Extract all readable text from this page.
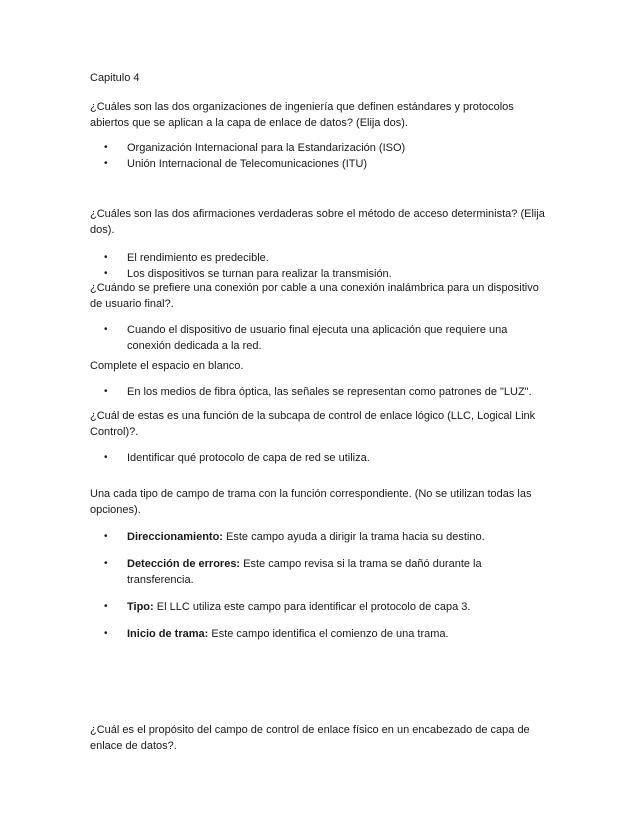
Capitulo 4

¿Cuáles son las dos organizaciones de ingeniería que definen estándares y protocolos abiertos que se aplican a la capa de enlace de datos? (Elija dos).

• Organización Internacional para la Estandarización (ISO)
• Unión Internacional de Telecomunicaciones (ITU)

¿Cuáles son las dos afirmaciones verdaderas sobre el método de acceso determinista? (Elija dos).

• El rendimiento es predecible.
• Los dispositivos se turnan para realizar la transmisión.

¿Cuándo se prefiere una conexión por cable a una conexión inalámbrica para un dispositivo de usuario final?.

• Cuando el dispositivo de usuario final ejecuta una aplicación que requiere una conexión dedicada a la red.

Complete el espacio en blanco.

• En los medios de fibra óptica, las señales se representan como patrones de "LUZ".

¿Cuál de estas es una función de la subcapa de control de enlace lógico (LLC, Logical Link Control)?.

• Identificar qué protocolo de capa de red se utiliza.

Una cada tipo de campo de trama con la función correspondiente. (No se utilizan todas las opciones).

• Direccionamiento: Este campo ayuda a dirigir la trama hacia su destino.
• Detección de errores: Este campo revisa si la trama se dañó durante la transferencia.
• Tipo: El LLC utiliza este campo para identificar el protocolo de capa 3.
• Inicio de trama: Este campo identifica el comienzo de una trama.

¿Cuál es el propósito del campo de control de enlace físico en un encabezado de capa de enlace de datos?.
